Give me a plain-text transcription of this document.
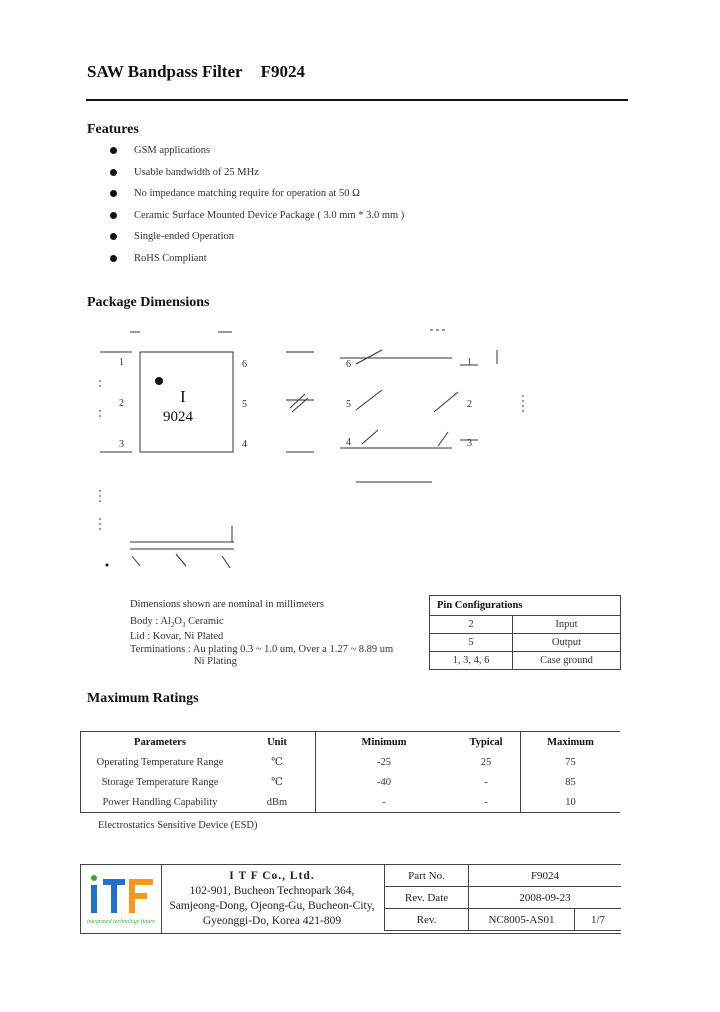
SAW Bandpass Filter F9024
Features
GSM applications
Usable bandwidth of 25 MHz
No impedance matching require for operation at 50 Ω
Ceramic Surface Mounted Device Package ( 3.0 mm * 3.0 mm )
Single-ended Operation
RoHS Compliant
Package Dimensions
I
9024
1
2
3
6
5
4
6
5
4
1
2
3
Dimensions shown are nominal in millimeters
Body : $Al_2O_3$ Ceramic
Lid : Kovar, Ni Plated
Terminations : Au plating 0.3 ~ 1.0 um, Over a 1.27 ~ 8.89 um
Ni Plating
Pin Configurations	
2	Input
5	Output
1, 3, 4, 6	Case ground
Maximum Ratings
Parameters	Unit	Minimum	Typical	Maximum
Operating Temperature Range	℃	-25	25	75
Storage Temperature Range	℃	-40	-	85
Power Handling Capability	dBm	-	-	10
Electrostatics Sensitive Device (ESD)
integrated technology future
I T F Co., Ltd.
102-901, Bucheon Technopark 364,
Samjeong-Dong, Ojeong-Gu, Bucheon-City,
Gyeonggi-Do, Korea 421-809
Part No.	F9024	
Rev. Date	2008-09-23	
Rev.	NC8005-AS01	1/7
